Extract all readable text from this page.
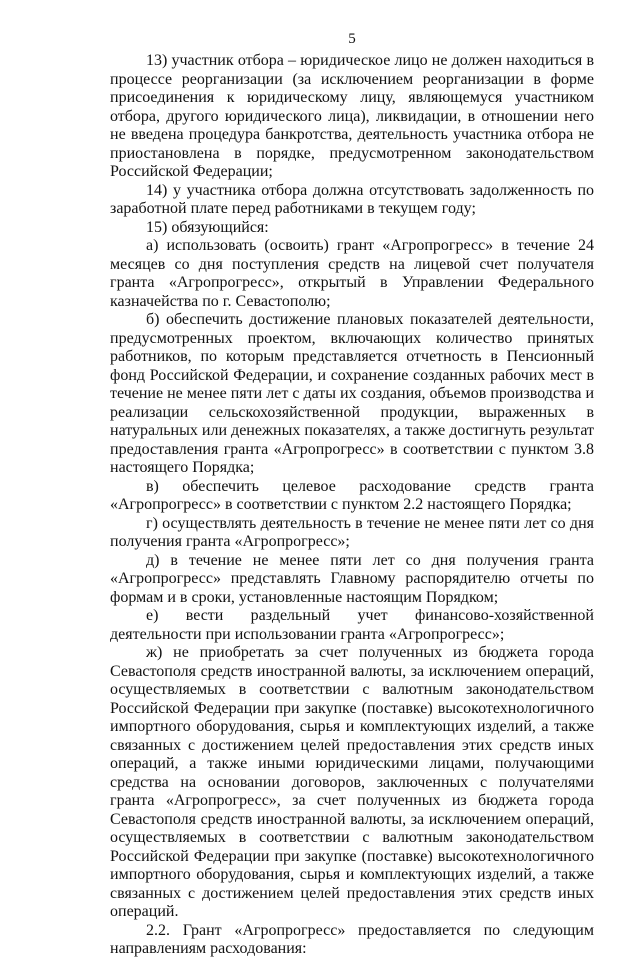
5

13) участник отбора – юридическое лицо не должен находиться в процессе реорганизации (за исключением реорганизации в форме присоединения к юридическому лицу, являющемуся участником отбора, другого юридического лица), ликвидации, в отношении него не введена процедура банкротства, деятельность участника отбора не приостановлена в порядке, предусмотренном законодательством Российской Федерации;

14) у участника отбора должна отсутствовать задолженность по заработной плате перед работниками в текущем году;

15) обязующийся:

а) использовать (освоить) грант «Агропрогресс» в течение 24 месяцев со дня поступления средств на лицевой счет получателя гранта «Агропрогресс», открытый в Управлении Федерального казначейства по г. Севастополю;

б) обеспечить достижение плановых показателей деятельности, предусмотренных проектом, включающих количество принятых работников, по которым представляется отчетность в Пенсионный фонд Российской Федерации, и сохранение созданных рабочих мест в течение не менее пяти лет с даты их создания, объемов производства и реализации сельскохозяйственной продукции, выраженных в натуральных или денежных показателях, а также достигнуть результат предоставления гранта «Агропрогресс» в соответствии с пунктом 3.8 настоящего Порядка;

в) обеспечить целевое расходование средств гранта «Агропрогресс» в соответствии с пунктом 2.2 настоящего Порядка;

г) осуществлять деятельность в течение не менее пяти лет со дня получения гранта «Агропрогресс»;

д) в течение не менее пяти лет со дня получения гранта «Агропрогресс» представлять Главному распорядителю отчеты по формам и в сроки, установленные настоящим Порядком;

е) вести раздельный учет финансово-хозяйственной деятельности при использовании гранта «Агропрогресс»;

ж) не приобретать за счет полученных из бюджета города Севастополя средств иностранной валюты, за исключением операций, осуществляемых в соответствии с валютным законодательством Российской Федерации при закупке (поставке) высокотехнологичного импортного оборудования, сырья и комплектующих изделий, а также связанных с достижением целей предоставления этих средств иных операций, а также иными юридическими лицами, получающими средства на основании договоров, заключенных с получателями гранта «Агропрогресс», за счет полученных из бюджета города Севастополя средств иностранной валюты, за исключением операций, осуществляемых в соответствии с валютным законодательством Российской Федерации при закупке (поставке) высокотехнологичного импортного оборудования, сырья и комплектующих изделий, а также связанных с достижением целей предоставления этих средств иных операций.

2.2. Грант «Агропрогресс» предоставляется по следующим направлениям расходования:
